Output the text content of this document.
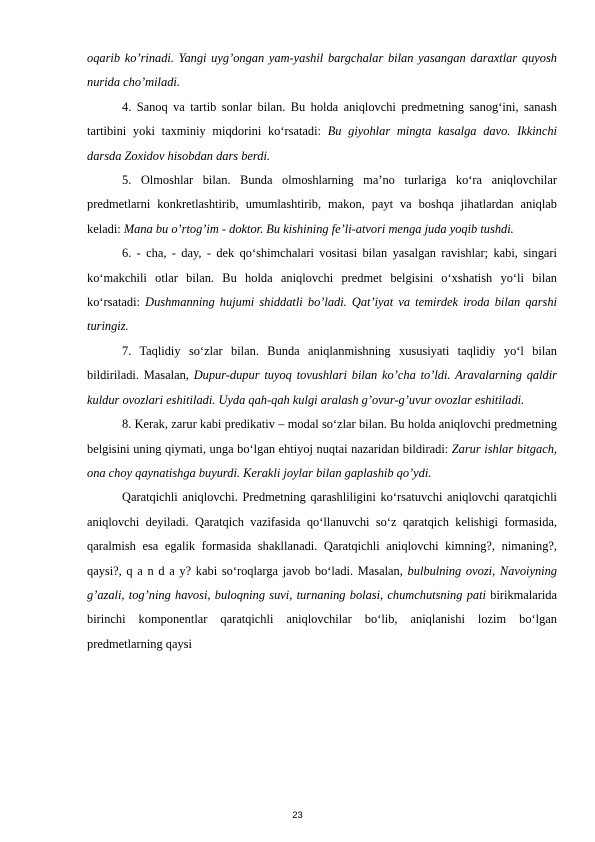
oqarib ko’rinadi. Yangi uyg’ongan yam-yashil bargchalar bilan yasangan daraxtlar quyosh nurida cho’miladi.

4. Sanoq va tartib sonlar bilan. Bu holda aniqlovchi predmetning sanog‘ini, sanash tartibini yoki taxminiy miqdorini ko‘rsatadi: Bu giyohlar mingta kasalga davo. Ikkinchi darsda Zoxidov hisobdan dars berdi.

5. Olmoshlar bilan. Bunda olmoshlarning ma’no turlariga ko‘ra aniqlovchilar predmetlarni konkretlashtirib, umumlashtirib, makon, payt va boshqa jihatlardan aniqlab keladi: Mana bu o’rtog’im - doktor. Bu kishining fe’li-atvori menga juda yoqib tushdi.

6. - cha, - day, - dek qo‘shimchalari vositasi bilan yasalgan ravishlar; kabi, singari ko‘makchili otlar bilan. Bu holda aniqlovchi predmet belgisini o‘xshatish yo‘li bilan ko‘rsatadi: Dushmanning hujumi shiddatli bo’ladi. Qat’iyat va temirdek iroda bilan qarshi turingiz.

7. Taqlidiy so‘zlar bilan. Bunda aniqlanmishning xususiyati taqlidiy yo‘l bilan bildiriladi. Masalan, Dupur-dupur tuyoq tovushlari bilan ko’cha to’ldi. Aravalarning qaldir kuldur ovozlari eshitiladi. Uyda qah-qah kulgi aralash g’ovur-g’uvur ovozlar eshitiladi.

8. Kerak, zarur kabi predikativ – modal so‘zlar bilan. Bu holda aniqlovchi predmetning belgisini uning qiymati, unga bo‘lgan ehtiyoj nuqtai nazaridan bildiradi: Zarur ishlar bitgach, ona choy qaynatishga buyurdi. Kerakli joylar bilan gaplashib qo’ydi.

Qaratqichli aniqlovchi. Predmetning qarashliligini ko‘rsatuvchi aniqlovchi qaratqichli aniqlovchi deyiladi. Qaratqich vazifasida qo‘llanuvchi so‘z qaratqich kelishigi formasida, qaralmish esa egalik formasida shakllanadi. Qaratqichli aniqlovchi kimning?, nimaning?, qaysi?, q a n d a y? kabi so‘roqlarga javob bo‘ladi. Masalan, bulbulning ovozi, Navoiyning g’azali, tog’ning havosi, buloqning suvi, turnaning bolasi, chumchutsning pati birikmalarida birinchi komponentlar qaratqichli aniqlovchilar bo‘lib, aniqlanishi lozim bo‘lgan predmetlarning qaysi

23
